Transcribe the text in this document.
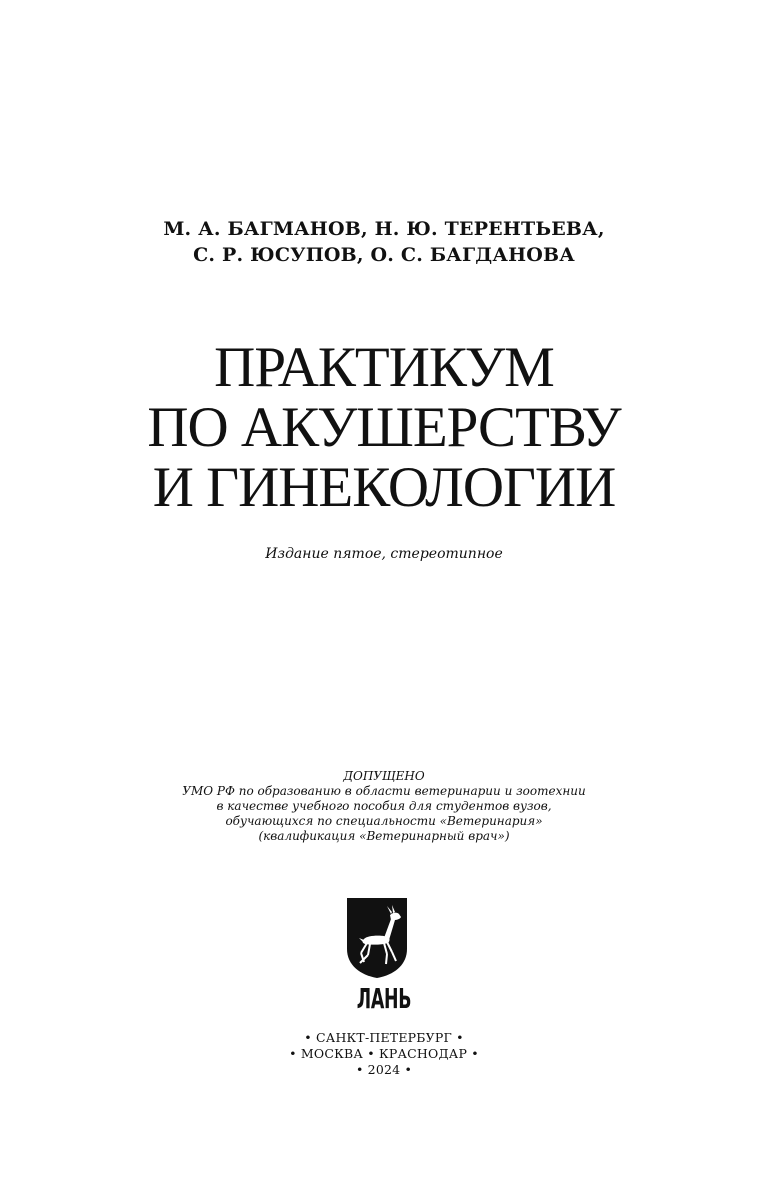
М. А. БАГМАНОВ, Н. Ю. ТЕРЕНТЬЕВА,
С. Р. ЮСУПОВ, О. С. БАГДАНОВА
ПРАКТИКУМ
ПО АКУШЕРСТВУ
И ГИНЕКОЛОГИИ
Издание пятое, стереотипное
ДОПУЩЕНО
УМО РФ по образованию в области ветеринарии и зоотехнии
в качестве учебного пособия для студентов вузов,
обучающихся по специальности «Ветеринария»
(квалификация «Ветеринарный врач»)
ЛАНЬ
• САНКТ-ПЕТЕРБУРГ •
• МОСКВА • КРАСНОДАР •
• 2024 •
